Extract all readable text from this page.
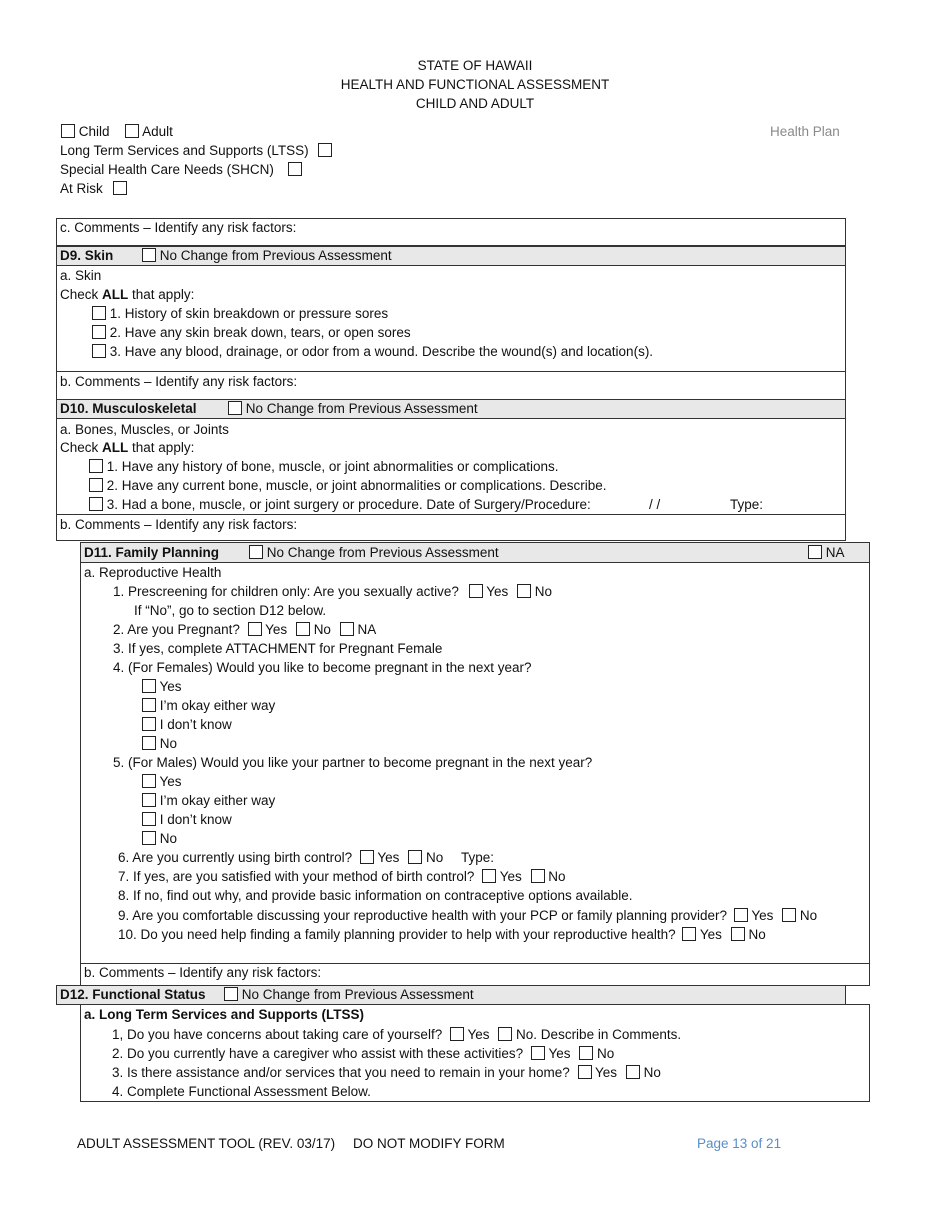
STATE OF HAWAII
HEALTH AND FUNCTIONAL ASSESSMENT
CHILD AND ADULT
Child Adult	Health Plan
Long Term Services and Supports (LTSS)
Special Health Care Needs (SHCN)
At Risk
c. Comments – Identify any risk factors:
D9. Skin	No Change from Previous Assessment
a. Skin
Check ALL that apply:
1. History of skin breakdown or pressure sores
2. Have any skin break down, tears, or open sores
3. Have any blood, drainage, or odor from a wound. Describe the wound(s) and location(s).
b. Comments – Identify any risk factors:
D10. Musculoskeletal	No Change from Previous Assessment
a. Bones, Muscles, or Joints
Check ALL that apply:
1. Have any history of bone, muscle, or joint abnormalities or complications.
2. Have any current bone, muscle, or joint abnormalities or complications. Describe.
3. Had a bone, muscle, or joint surgery or procedure. Date of Surgery/Procedure:	/ /	Type:
b. Comments – Identify any risk factors:
D11. Family Planning	No Change from Previous Assessment	NA
a. Reproductive Health
1. Prescreening for children only: Are you sexually active? Yes No
If “No”, go to section D12 below.
2. Are you Pregnant? Yes No NA
3. If yes, complete ATTACHMENT for Pregnant Female
4. (For Females) Would you like to become pregnant in the next year?
Yes
I’m okay either way
I don’t know
No
5. (For Males) Would you like your partner to become pregnant in the next year?
Yes
I’m okay either way
I don’t know
No
6. Are you currently using birth control? Yes No Type:
7. If yes, are you satisfied with your method of birth control? Yes No
8. If no, find out why, and provide basic information on contraceptive options available.
9. Are you comfortable discussing your reproductive health with your PCP or family planning provider? Yes No
10. Do you need help finding a family planning provider to help with your reproductive health? Yes No
b. Comments – Identify any risk factors:
D12. Functional Status	No Change from Previous Assessment
a. Long Term Services and Supports (LTSS)
1, Do you have concerns about taking care of yourself? Yes No. Describe in Comments.
2. Do you currently have a caregiver who assist with these activities? Yes No
3. Is there assistance and/or services that you need to remain in your home? Yes No
4. Complete Functional Assessment Below.
ADULT ASSESSMENT TOOL (REV. 03/17) DO NOT MODIFY FORM	Page 13 of 21
